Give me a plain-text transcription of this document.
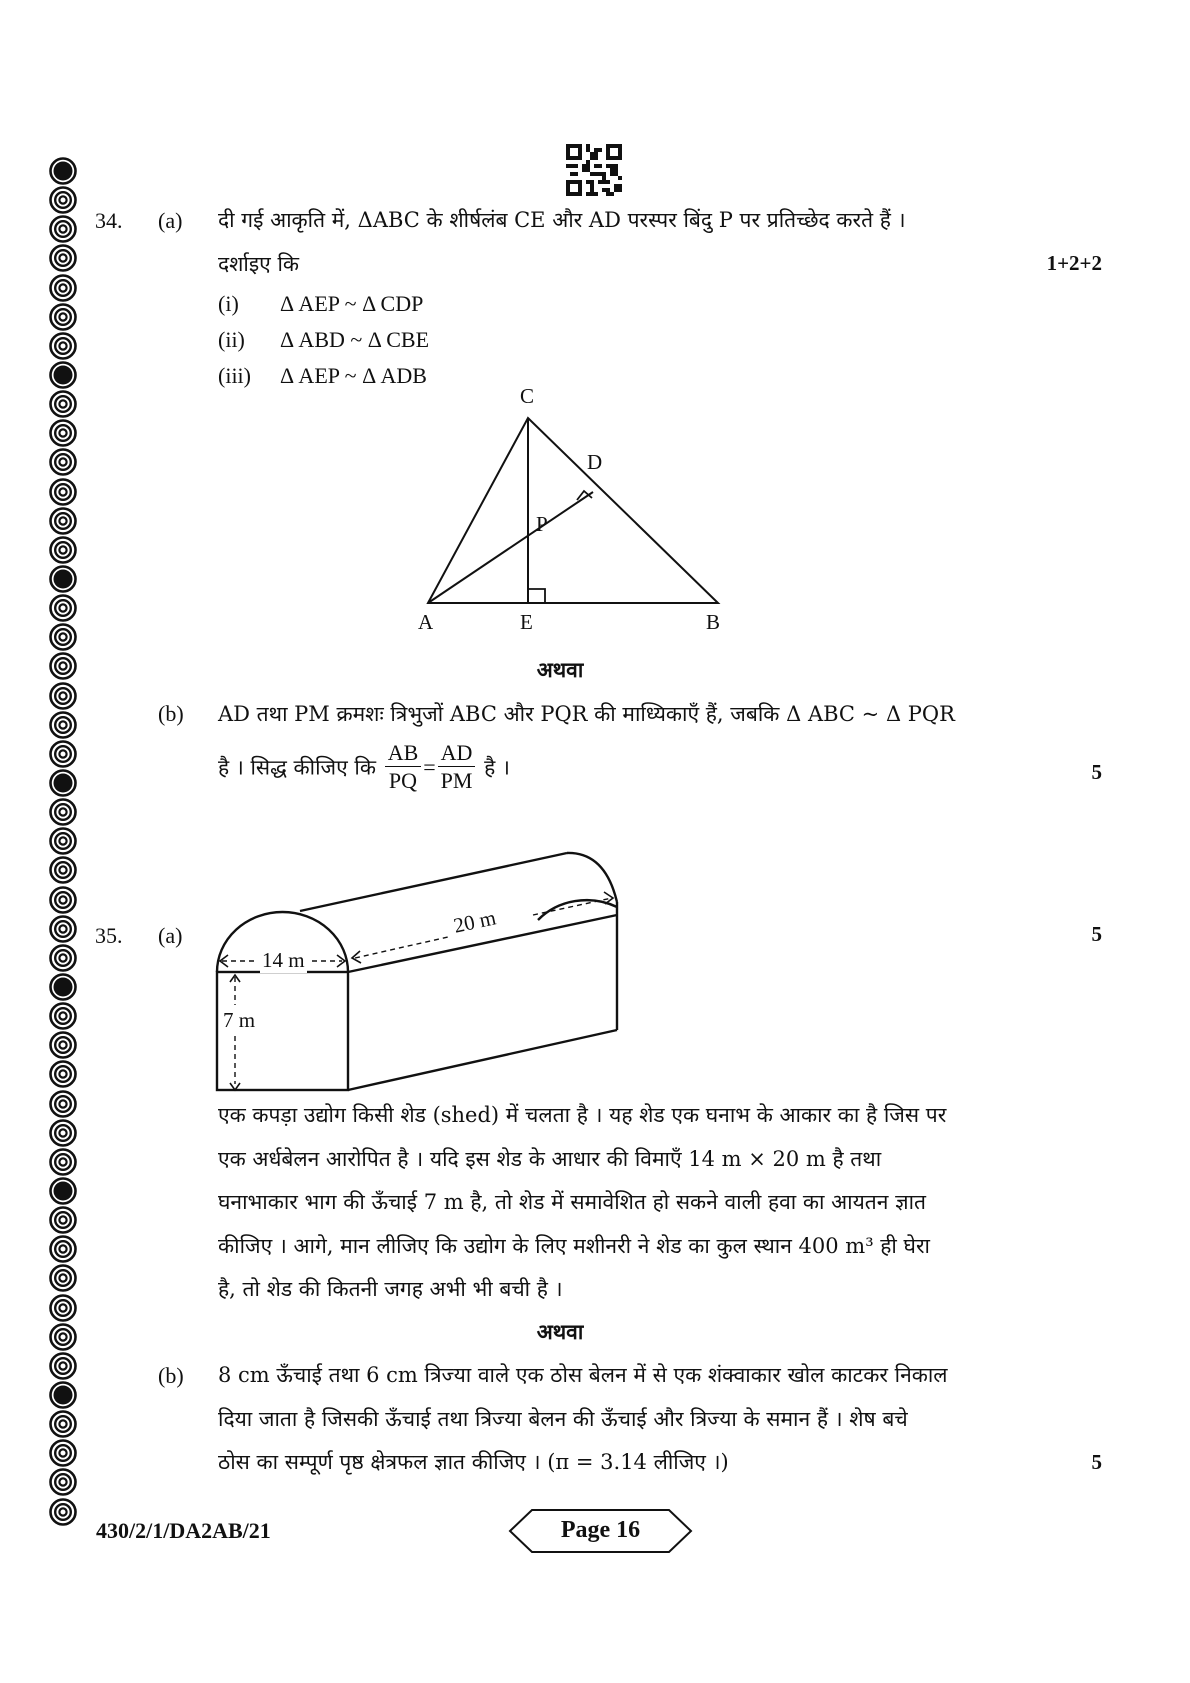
34. (a) दी गई आकृति में, ΔABC के शीर्षलंब CE और AD परस्पर बिंदु P पर प्रतिच्छेद करते हैं ।
दर्शाइए कि	1+2+2
(i) Δ AEP ~ Δ CDP
(ii) Δ ABD ~ Δ CBE
(iii) Δ AEP ~ Δ ADB
C
D
P
A	E	B
अथवा
(b) AD तथा PM क्रमशः त्रिभुजों ABC और PQR की माध्यिकाएँ हैं, जबकि Δ ABC ~ Δ PQR
है । सिद्ध कीजिए कि $\frac{AB}{PQ} = \frac{AD}{PM}$ है ।	5
35. (a)	5
14 m
20 m
7 m
एक कपड़ा उद्योग किसी शेड (shed) में चलता है । यह शेड एक घनाभ के आकार का है जिस पर
एक अर्धबेलन आरोपित है । यदि इस शेड के आधार की विमाएँ 14 m × 20 m है तथा
घनाभाकार भाग की ऊँचाई 7 m है, तो शेड में समावेशित हो सकने वाली हवा का आयतन ज्ञात
कीजिए । आगे, मान लीजिए कि उद्योग के लिए मशीनरी ने शेड का कुल स्थान 400 m³ ही घेरा
है, तो शेड की कितनी जगह अभी भी बची है ।
अथवा
(b) 8 cm ऊँचाई तथा 6 cm त्रिज्या वाले एक ठोस बेलन में से एक शंक्वाकार खोल काटकर निकाल
दिया जाता है जिसकी ऊँचाई तथा त्रिज्या बेलन की ऊँचाई और त्रिज्या के समान हैं । शेष बचे
ठोस का सम्पूर्ण पृष्ठ क्षेत्रफल ज्ञात कीजिए । (π = 3.14 लीजिए ।)	5
430/2/1/DA2AB/21	Page 16
